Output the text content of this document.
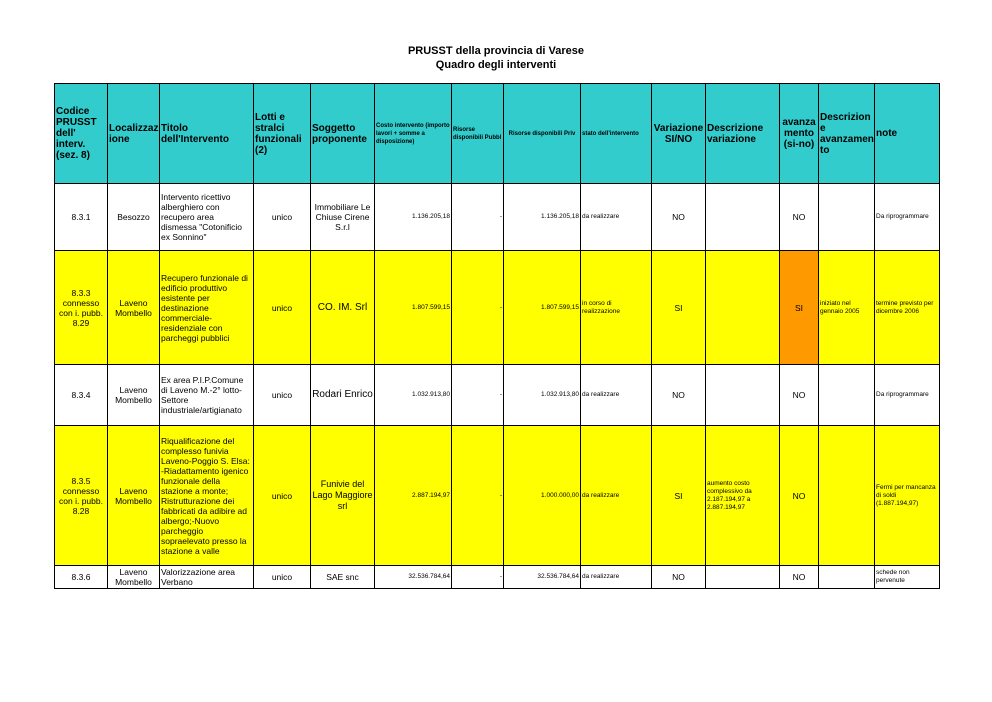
PRUSST della provincia di Varese
Quadro degli interventi
Codice PRUSST dell' interv. (sez. 8)	Localizzaz ione	Titolo dell'Intervento	Lotti e stralci funzionali (2)	Soggetto proponente	Costo intervento (importo lavori + somme a disposizione)	Risorse disponibili Pubbl	Risorse disponibili Priv	stato dell'intervento	Variazione SI/NO	Descrizione variazione	avanza mento (si-no)	Descrizion e avanzamen to	note
8.3.1	Besozzo	Intervento ricettivo alberghiero con recupero area dismessa "Cotonificio ex Sonnino"	unico	Immobiliare Le Chiuse Cirene S.r.l	1.136.205,18	-	1.136.205,18	da realizzare	NO		NO		Da riprogrammare
8.3.3 connesso con i. pubb. 8.29	Laveno Mombello	Recupero funzionale di edificio produttivo esistente per destinazione commerciale-residenziale con parcheggi pubblici	unico	CO. IM. Srl	1.807.599,15	-	1.807.599,15	in corso di realizzazione	SI		SI	iniziato nel gennaio 2005	termine previsto per dicembre 2006
8.3.4	Laveno Mombello	Ex area P.I.P.Comune di Laveno M.-2° lotto-Settore industriale/artigianato	unico	Rodari Enrico	1.032.913,80	-	1.032.913,80	da realizzare	NO		NO		Da riprogrammare
8.3.5 connesso con i. pubb. 8.28	Laveno Mombello	Riqualificazione del complesso funivia Laveno-Poggio S. Elsa: -Riadattamento igenico funzionale della stazione a monte; Ristrutturazione dei fabbricati da adibire ad albergo;-Nuovo parcheggio sopraelevato presso la stazione a valle	unico	Funivie del Lago Maggiore srl	2.887.194,97	-	1.000.000,00	da realizzare	SI	aumento costo complessivo da 2.187.194,97 a 2.887.194,97	NO		Fermi per mancanza di soldi (1.887.194,97)
8.3.6	Laveno Mombello	Valorizzazione area Verbano	unico	SAE snc	32.536.784,64	-	32.536.784,64	da realizzare	NO		NO		schede non pervenute
